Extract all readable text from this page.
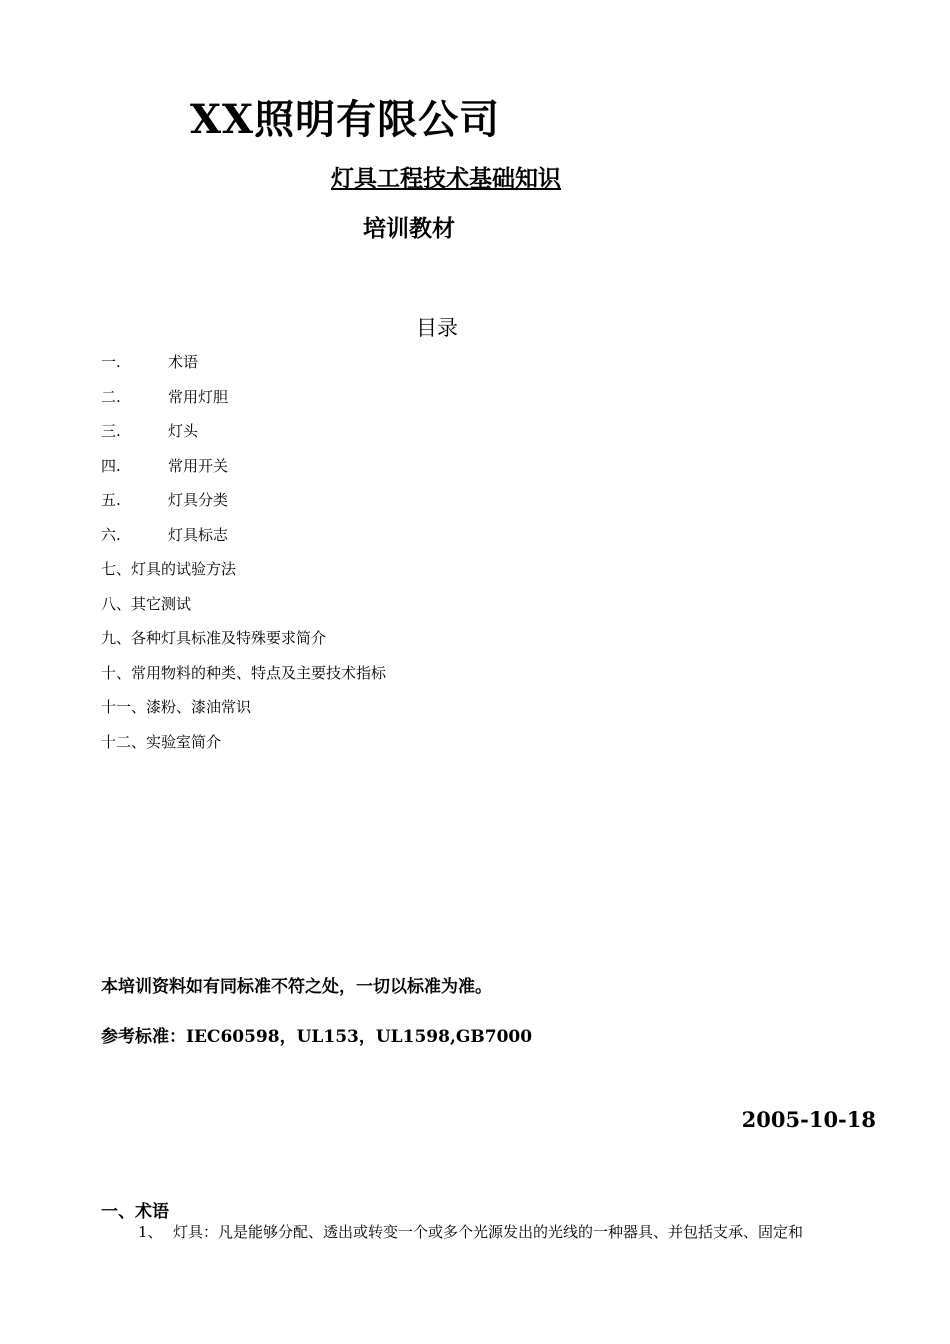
XX照明有限公司
灯具工程技术基础知识
培训教材
目录
一.	术语
二.	常用灯胆
三.	灯头
四.	常用开关
五.	灯具分类
六.	灯具标志
七、灯具的试验方法
八、其它测试
九、各种灯具标准及特殊要求简介
十、常用物料的种类、特点及主要技术指标
十一、漆粉、漆油常识
十二、实验室简介
本培训资料如有同标准不符之处，一切以标准为准。
参考标准：IEC60598，UL153，UL1598,GB7000
2005-10-18
一、术语
1、 灯具：凡是能够分配、透出或转变一个或多个光源发出的光线的一种器具、并包括支承、固定和
